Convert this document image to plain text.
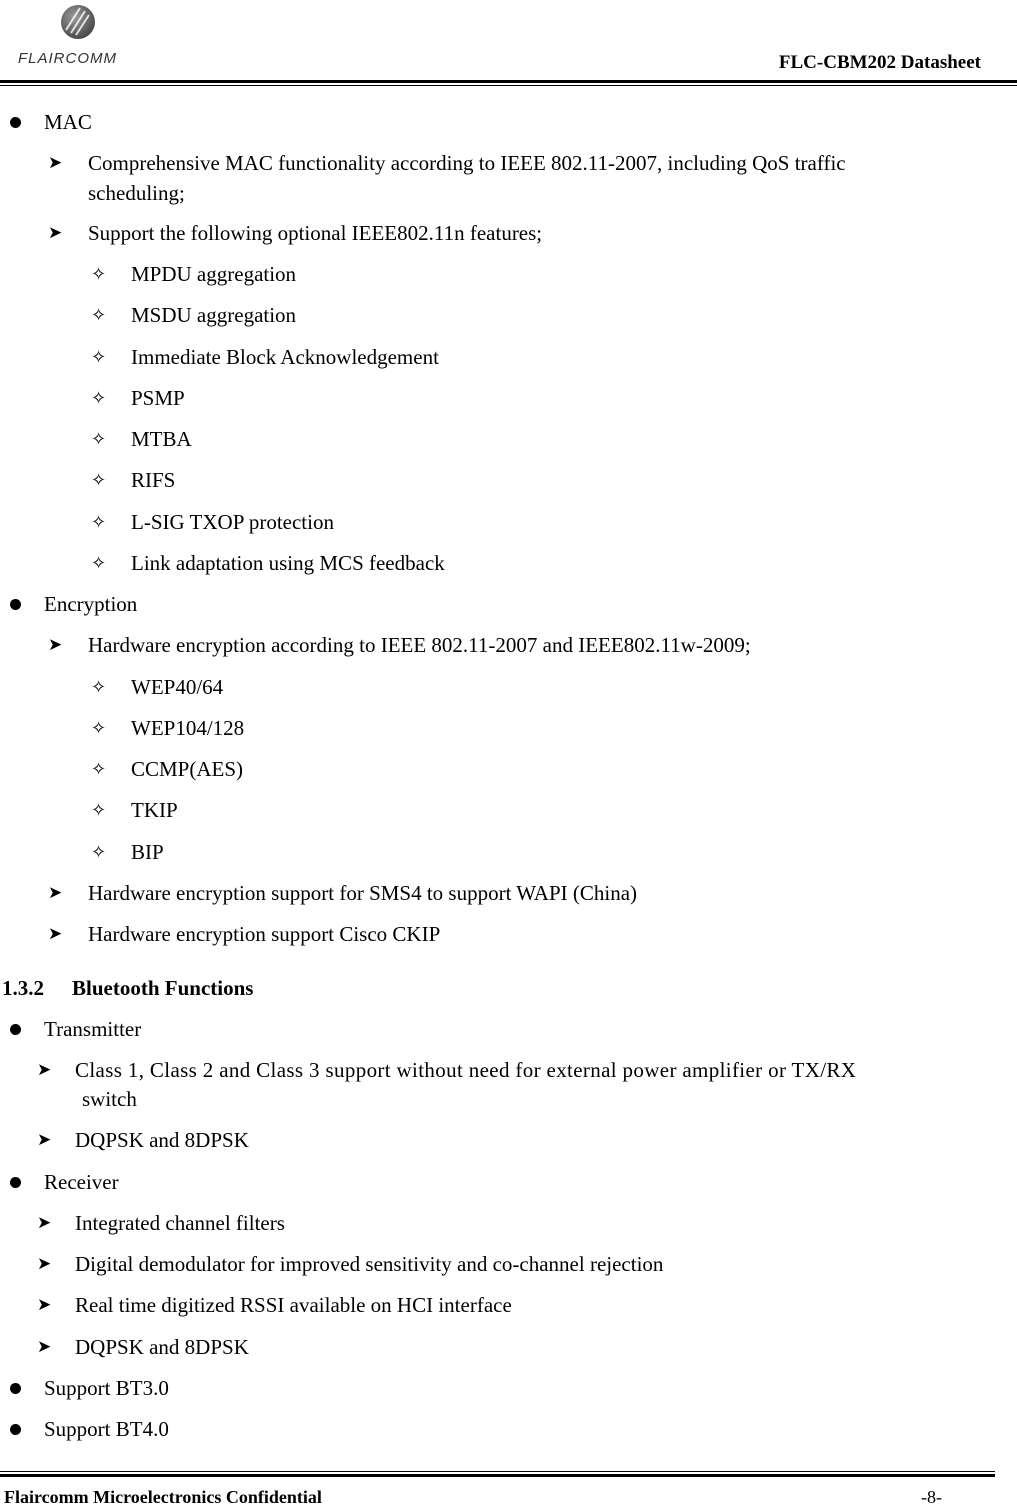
FLAIRCOMM	FLC-CBM202 Datasheet
MAC
➤ Comprehensive MAC functionality according to IEEE 802.11-2007, including QoS traffic
scheduling;
➤ Support the following optional IEEE802.11n features;
✧ MPDU aggregation
✧ MSDU aggregation
✧ Immediate Block Acknowledgement
✧ PSMP
✧ MTBA
✧ RIFS
✧ L-SIG TXOP protection
✧ Link adaptation using MCS feedback
Encryption
➤ Hardware encryption according to IEEE 802.11-2007 and IEEE802.11w-2009;
✧ WEP40/64
✧ WEP104/128
✧ CCMP(AES)
✧ TKIP
✧ BIP
➤ Hardware encryption support for SMS4 to support WAPI (China)
➤ Hardware encryption support Cisco CKIP
1.3.2 Bluetooth Functions
Transmitter
➤ Class 1, Class 2 and Class 3 support without need for external power amplifier or TX/RX
switch
➤ DQPSK and 8DPSK
Receiver
➤ Integrated channel filters
➤ Digital demodulator for improved sensitivity and co-channel rejection
➤ Real time digitized RSSI available on HCI interface
➤ DQPSK and 8DPSK
Support BT3.0
Support BT4.0
Flaircomm Microelectronics Confidential	-8-
